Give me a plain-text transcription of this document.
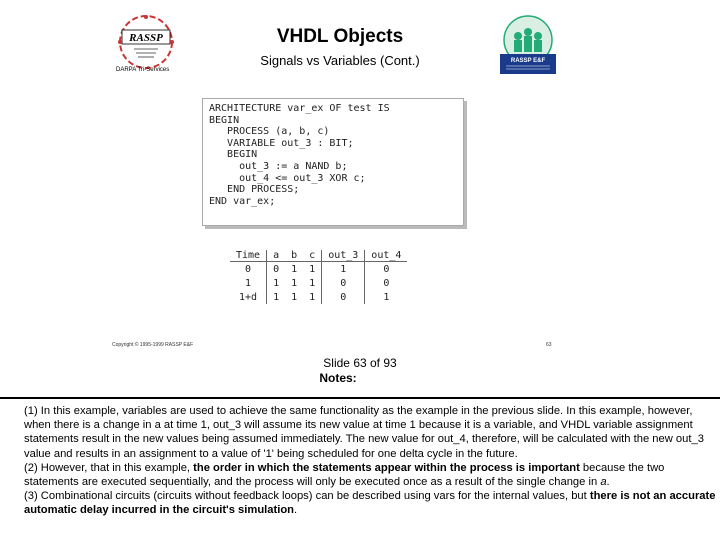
RASSP
DARPA Tri-Services
VHDL Objects
Signals vs Variables (Cont.)	RASSP E&F
ARCHITECTURE var_ex OF test IS
BEGIN
PROCESS (a, b, c)
VARIABLE out_3 : BIT;
BEGIN
out_3 := a NAND b;
out_4 <= out_3 XOR c;
END PROCESS;
END var_ex;
Time	a	b	c	out_3	out_4
0	0	1	1	1	0
1	1	1	1	0	0
1+d	1	1	1	0	1
Copyright © 1995-1999 RASSP E&F	63
Slide 63 of 93
Notes:

(1) In this example, variables are used to achieve the same functionality as the example in the previous slide. In this example, however, when there is a change in a at time 1, out_3 will assume its new value at time 1 because it is a variable, and VHDL variable assignment statements result in the new values being assumed immediately. The new value for out_4, therefore, will be calculated with the new out_3 value and results in an assignment to a value of '1' being scheduled for one delta cycle in the future.

(2) However, that in this example, the order in which the statements appear within the process is important because the two statements are executed sequentially, and the process will only be executed once as a result of the single change in a.

(3) Combinational circuits (circuits without feedback loops) can be described using vars for the internal values, but there is not an accurate automatic delay incurred in the circuit's simulation.
